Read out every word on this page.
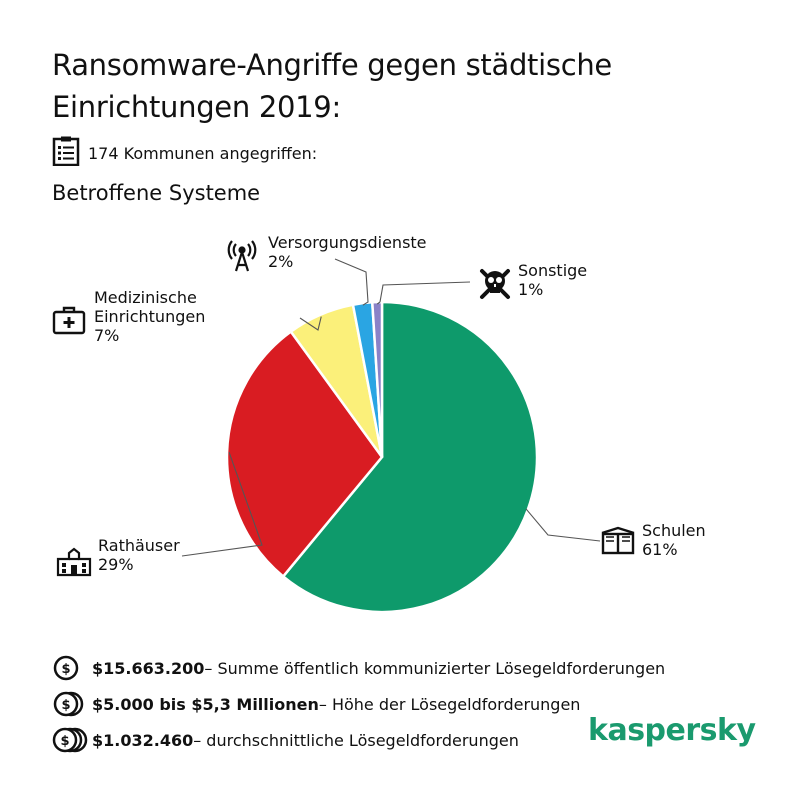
Ransomware-Angriffe gegen städtische
Einrichtungen 2019:
174 Kommunen angegriffen:
Betroffene Systeme
Schulen
61%
Rathäuser
29%
Medizinische
Einrichtungen
7%
Versorgungsdienste
2%	Sonstige
1%
$ $15.663.200 – Summe öffentlich kommunizierter Lösegeldforderungen
$ $5.000 bis $5,3 Millionen – Höhe der Lösegeldforderungen
$ $1.032.460 – durchschnittliche Lösegeldforderungen kaspersky
